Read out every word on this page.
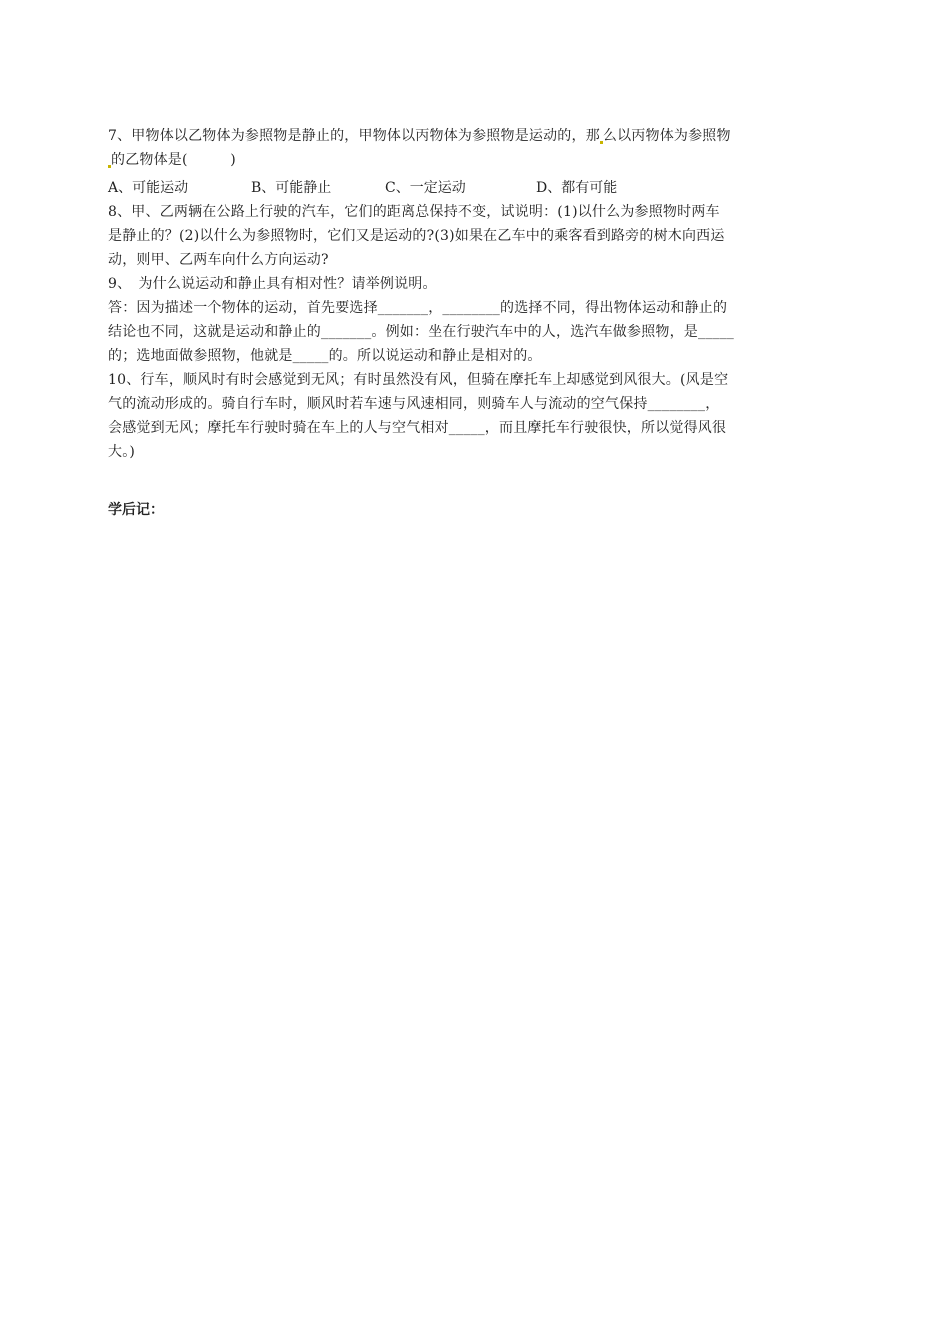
7、甲物体以乙物体为参照物是静止的，甲物体以丙物体为参照物是运动的，那 么以丙物体为参照物
的乙物体是(　　　)
A、可能运动	B、可能静止	C、一定运动	D、都有可能
8、甲、乙两辆在公路上行驶的汽车，它们的距离总保持不变，试说明：(1)以什么为参照物时两车
是静止的？(2)以什么为参照物时，它们又是运动的?(3)如果在乙车中的乘客看到路旁的树木向西运
动，则甲、乙两车向什么方向运动?
9、　为什么说运动和静止具有相对性？请举例说明。
答：因为描述一个物体的运动，首先要选择_______，________的选择不同，得出物体运动和静止的
结论也不同，这就是运动和静止的_______。例如：坐在行驶汽车中的人，选汽车做参照物，是_____
的；选地面做参照物，他就是_____的。所以说运动和静止是相对的。
10、行车，顺风时有时会感觉到无风；有时虽然没有风，但骑在摩托车上却感觉到风很大。(风是空
气的流动形成的。骑自行车时，顺风时若车速与风速相同，则骑车人与流动的空气保持________，
会感觉到无风；摩托车行驶时骑在车上的人与空气相对_____，而且摩托车行驶很快，所以觉得风很
大。)
学后记：
